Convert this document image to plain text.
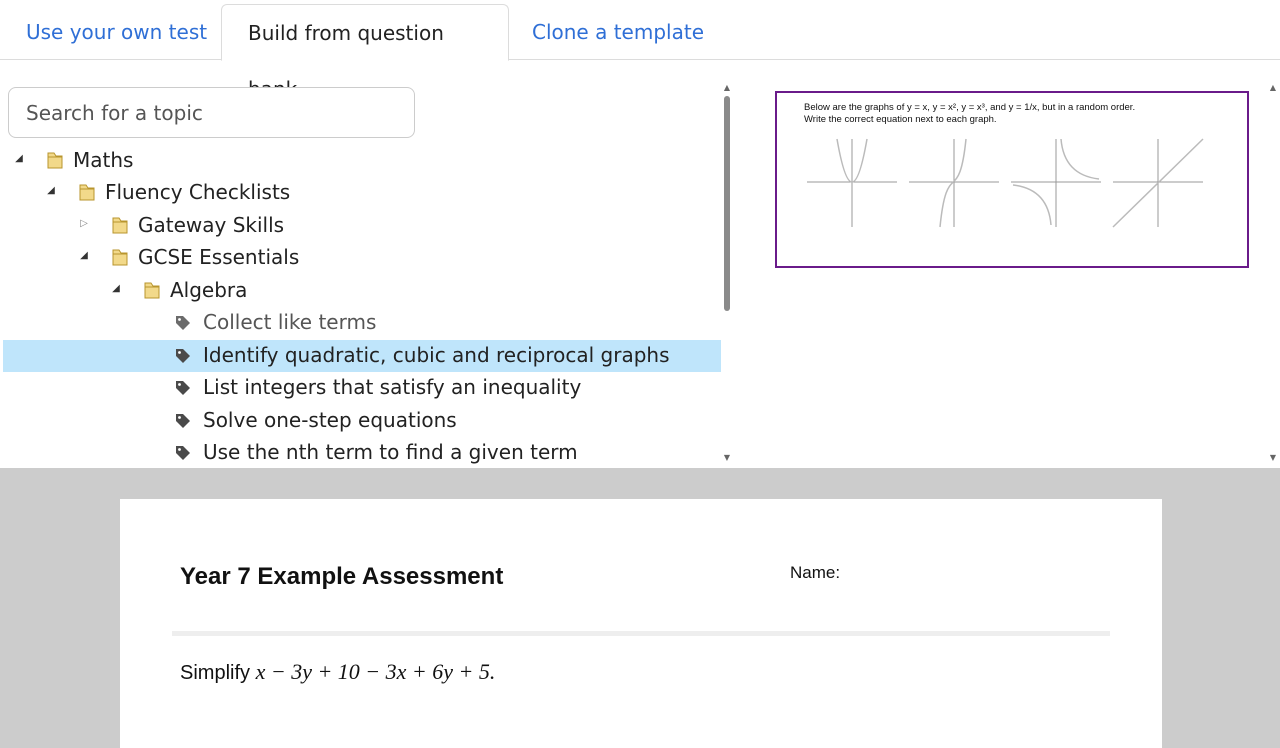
Use your own test	Build from question	Clone a template
Search for a topic
◢	Maths
◢	Fluency Checklists
▷	Gateway Skills
◢	GCSE Essentials
◢	Algebra
Collect like terms
Identify quadratic, cubic and reciprocal graphs
List integers that satisfy an inequality
Solve one-step equations
Use the nth term to find a given term
▲
▼
Below are the graphs of y = x, y = x², y = x³, and y = 1/x, but in a random order.
Write the correct equation next to each graph.
▲
▼
Year 7 Example Assessment	Name:
Simplify x − 3y + 10 − 3x + 6y + 5.
